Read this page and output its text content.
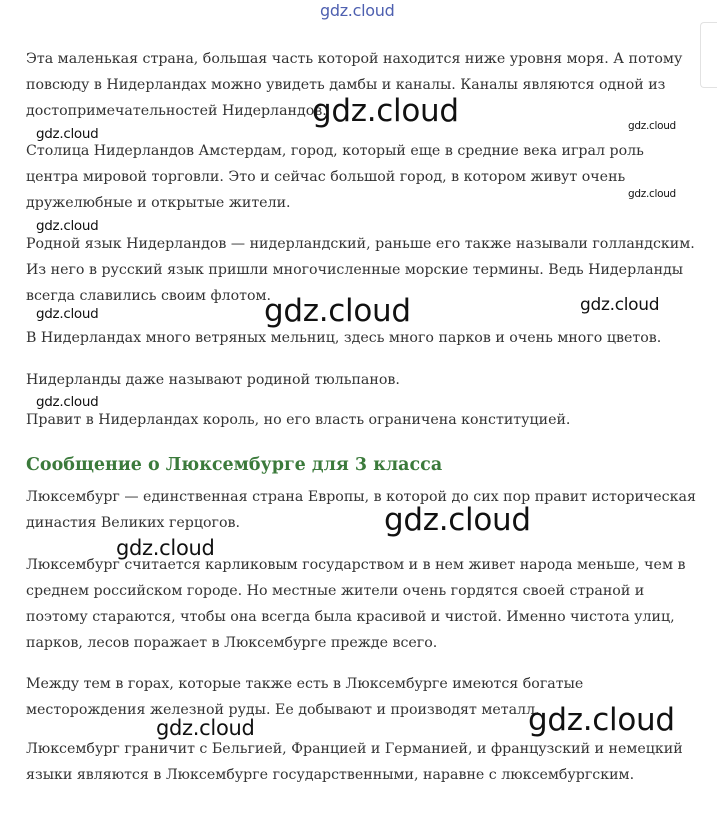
Эта маленькая страна, большая часть которой находится ниже уровня моря. А потому повсюду в Нидерландах можно увидеть дамбы и каналы. Каналы являются одной из достопримечательностей Нидерландов.

Столица Нидерландов Амстердам, город, который еще в средние века играл роль центра мировой торговли. Это и сейчас большой город, в котором живут очень дружелюбные и открытые жители.

Родной язык Нидерландов — нидерландский, раньше его также называли голландским. Из него в русский язык пришли многочисленные морские термины. Ведь Нидерланды всегда славились своим флотом.

В Нидерландах много ветряных мельниц, здесь много парков и очень много цветов.

Нидерланды даже называют родиной тюльпанов.

Правит в Нидерландах король, но его власть ограничена конституцией.

Сообщение о Люксембурге для 3 класса

Люксембург — единственная страна Европы, в которой до сих пор правит историческая династия Великих герцогов.

Люксембург считается карликовым государством и в нем живет народа меньше, чем в среднем российском городе. Но местные жители очень гордятся своей страной и поэтому стараются, чтобы она всегда была красивой и чистой. Именно чистота улиц, парков, лесов поражает в Люксембурге прежде всего.

Между тем в горах, которые также есть в Люксембурге имеются богатые месторождения железной руды. Ее добывают и производят металл.

Люксембург граничит с Бельгией, Францией и Германией, и французский и немецкий языки являются в Люксембурге государственными, наравне с люксембургским.

gdz.cloud
gdz.cloud
gdz.cloud	gdz.cloud
gdz.cloud
gdz.cloud
gdz.cloud	gdz.cloud
gdz.cloud
gdz.cloud
gdz.cloud
gdz.cloud
gdz.cloud
gdz.cloud
